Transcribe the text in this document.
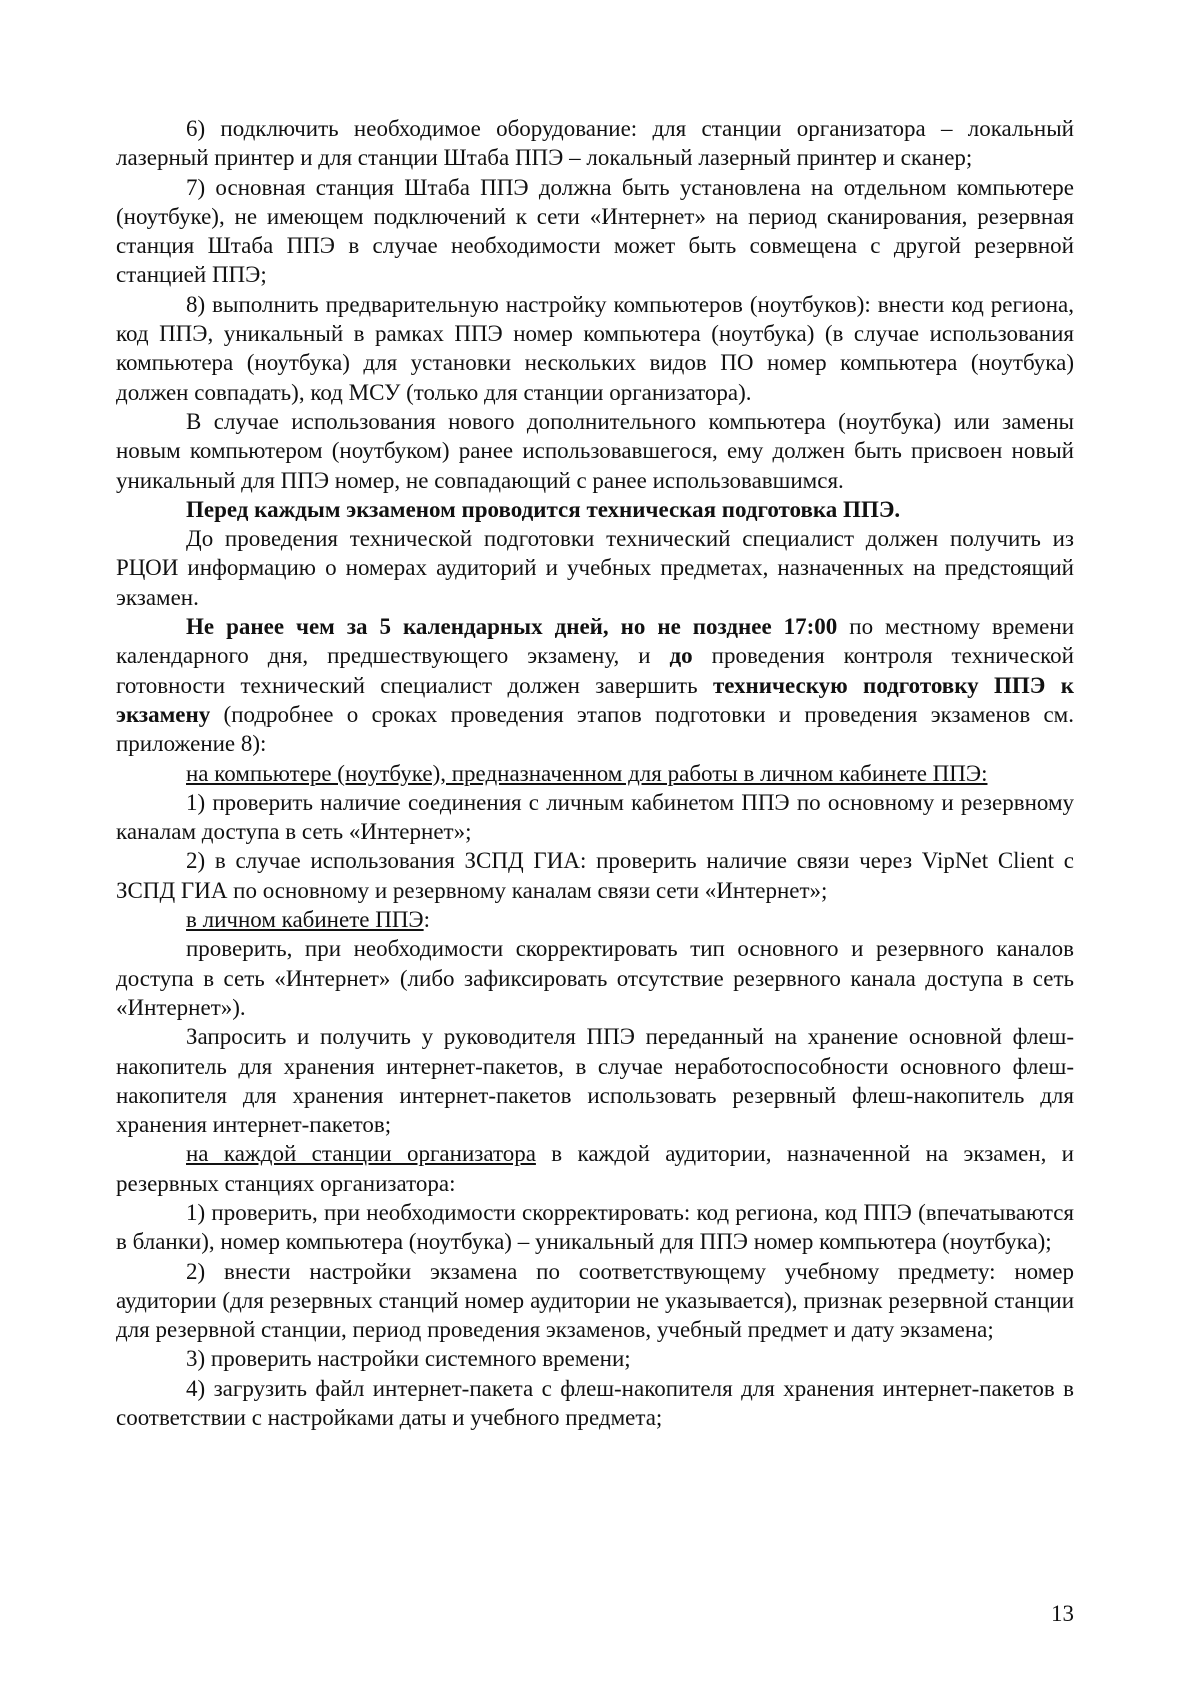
6) подключить необходимое оборудование: для станции организатора – локальный лазерный принтер и для станции Штаба ППЭ – локальный лазерный принтер и сканер;

7) основная станция Штаба ППЭ должна быть установлена на отдельном компьютере (ноутбуке), не имеющем подключений к сети «Интернет» на период сканирования, резервная станция Штаба ППЭ в случае необходимости может быть совмещена с другой резервной станцией ППЭ;

8) выполнить предварительную настройку компьютеров (ноутбуков): внести код региона, код ППЭ, уникальный в рамках ППЭ номер компьютера (ноутбука) (в случае использования компьютера (ноутбука) для установки нескольких видов ПО номер компьютера (ноутбука) должен совпадать), код МСУ (только для станции организатора).

В случае использования нового дополнительного компьютера (ноутбука) или замены новым компьютером (ноутбуком) ранее использовавшегося, ему должен быть присвоен новый уникальный для ППЭ номер, не совпадающий с ранее использовавшимся.

Перед каждым экзаменом проводится техническая подготовка ППЭ.

До проведения технической подготовки технический специалист должен получить из РЦОИ информацию о номерах аудиторий и учебных предметах, назначенных на предстоящий экзамен.

Не ранее чем за 5 календарных дней, но не позднее 17:00 по местному времени календарного дня, предшествующего экзамену, и до проведения контроля технической готовности технический специалист должен завершить техническую подготовку ППЭ к экзамену (подробнее о сроках проведения этапов подготовки и проведения экзаменов см. приложение 8):

на компьютере (ноутбуке), предназначенном для работы в личном кабинете ППЭ:

1) проверить наличие соединения с личным кабинетом ППЭ по основному и резервному каналам доступа в сеть «Интернет»;

2) в случае использования ЗСПД ГИА: проверить наличие связи через VipNet Client с ЗСПД ГИА по основному и резервному каналам связи сети «Интернет»;

в личном кабинете ППЭ:

проверить, при необходимости скорректировать тип основного и резервного каналов доступа в сеть «Интернет» (либо зафиксировать отсутствие резервного канала доступа в сеть «Интернет»).

Запросить и получить у руководителя ППЭ переданный на хранение основной флеш-накопитель для хранения интернет-пакетов, в случае неработоспособности основного флеш-накопителя для хранения интернет-пакетов использовать резервный флеш-накопитель для хранения интернет-пакетов;

на каждой станции организатора в каждой аудитории, назначенной на экзамен, и резервных станциях организатора:

1) проверить, при необходимости скорректировать: код региона, код ППЭ (впечатываются в бланки), номер компьютера (ноутбука) – уникальный для ППЭ номер компьютера (ноутбука);

2) внести настройки экзамена по соответствующему учебному предмету: номер аудитории (для резервных станций номер аудитории не указывается), признак резервной станции для резервной станции, период проведения экзаменов, учебный предмет и дату экзамена;

3) проверить настройки системного времени;

4) загрузить файл интернет-пакета с флеш-накопителя для хранения интернет-пакетов в соответствии с настройками даты и учебного предмета;

13
